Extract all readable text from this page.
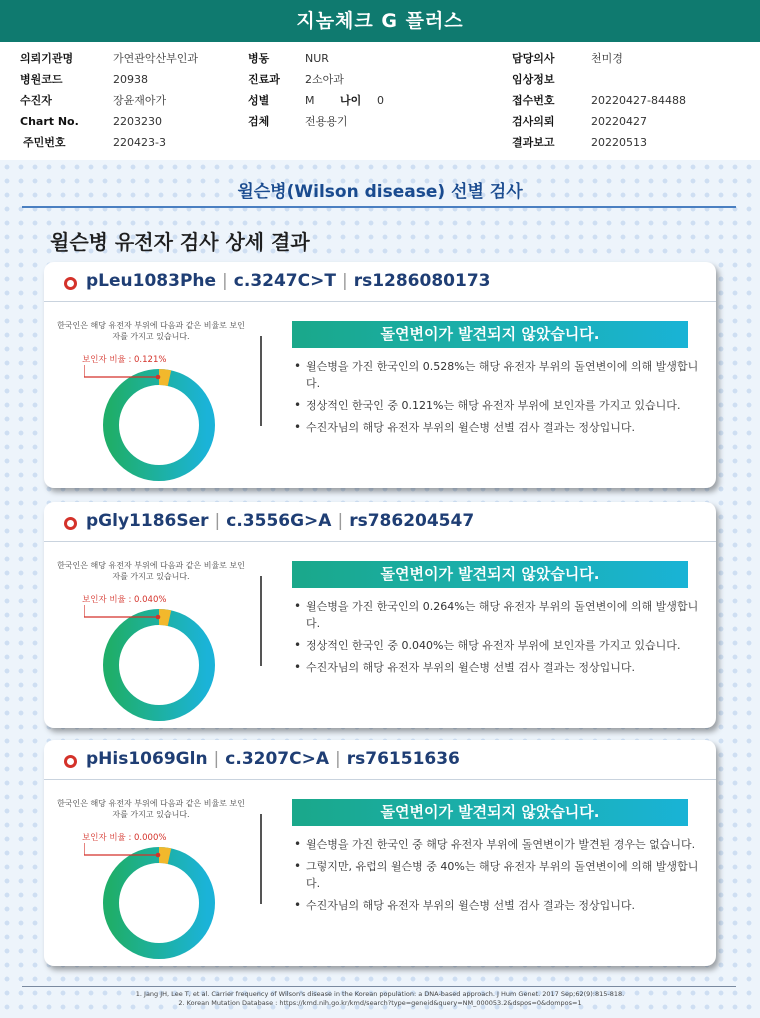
지놈체크 G 플러스
의뢰기관명	가연관악산부인과
병원코드	20938
수진자	장윤재아가
Chart No.	2203230
주민번호	220423-3
병동	NUR
진료과 2소아과
성별	M 나이 0
검체	전용용기
담당의사	천미경
임상정보
접수번호	20220427-84488
검사의뢰	20220427
결과보고	20220513
윌슨병(Wilson disease) 선별 검사
윌슨병 유전자 검사 상세 결과
pLeu1083Phe | c.3247C>T | rs1286080173
한국인은 해당 유전자 부위에 다음과 같은 비율로 보인자를 가지고 있습니다.
보인자 비율 : 0.121%
돌연변이가 발견되지 않았습니다.
• 윌슨병을 가진 한국인의 0.528%는 해당 유전자 부위의 돌연변이에 의해 발생합니다.
• 정상적인 한국인 중 0.121%는 해당 유전자 부위에 보인자를 가지고 있습니다.
• 수진자님의 해당 유전자 부위의 윌슨병 선별 검사 결과는 정상입니다.
pGly1186Ser | c.3556G>A | rs786204547
한국인은 해당 유전자 부위에 다음과 같은 비율로 보인자를 가지고 있습니다.
보인자 비율 : 0.040%
돌연변이가 발견되지 않았습니다.
• 윌슨병을 가진 한국인의 0.264%는 해당 유전자 부위의 돌연변이에 의해 발생합니다.
• 정상적인 한국인 중 0.040%는 해당 유전자 부위에 보인자를 가지고 있습니다.
• 수진자님의 해당 유전자 부위의 윌슨병 선별 검사 결과는 정상입니다.
pHis1069Gln | c.3207C>A | rs76151636
한국인은 해당 유전자 부위에 다음과 같은 비율로 보인자를 가지고 있습니다.
보인자 비율 : 0.000%
돌연변이가 발견되지 않았습니다.
• 윌슨병을 가진 한국인 중 해당 유전자 부위에 돌연변이가 발견된 경우는 없습니다.
• 그렇지만, 유럽의 윌슨병 중 40%는 해당 유전자 부위의 돌연변이에 의해 발생합니다.
• 수진자님의 해당 유전자 부위의 윌슨병 선별 검사 결과는 정상입니다.
1. Jang JH, Lee T, et al. Carrier frequency of Wilson's disease in the Korean population: a DNA-based approach. J Hum Genet. 2017 Sep;62(9):815-818.
2. Korean Mutation Database : https://kmd.nih.go.kr/kmd/search?type=geneid&query=NM_000053.2&dspos=0&dompos=1
